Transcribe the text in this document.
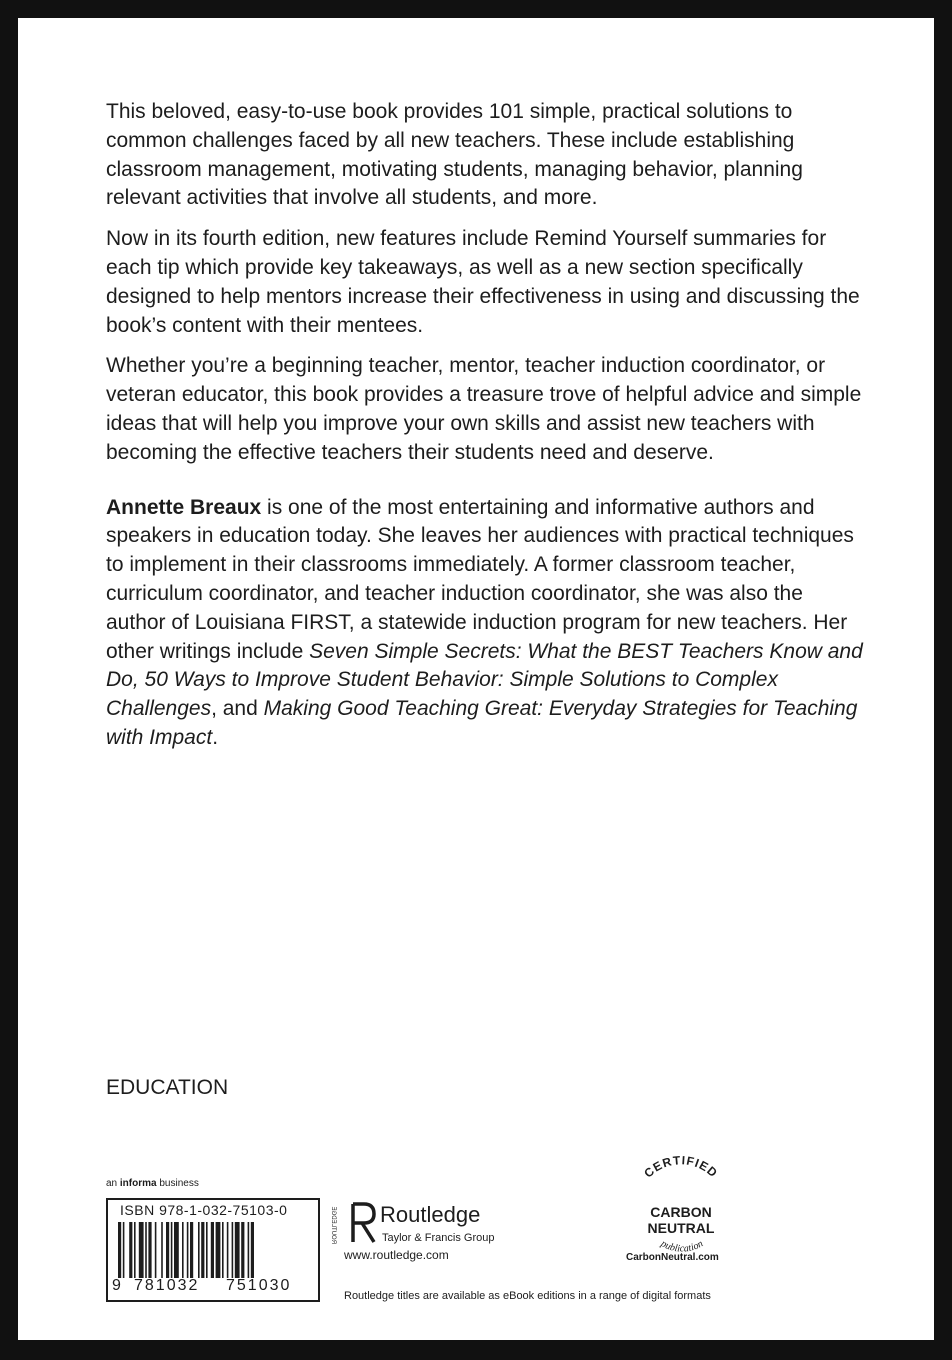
This beloved, easy-to-use book provides 101 simple, practical solutions to common challenges faced by all new teachers. These include establishing classroom management, motivating students, managing behavior, planning relevant activities that involve all students, and more.

Now in its fourth edition, new features include Remind Yourself summaries for each tip which provide key takeaways, as well as a new section specifically designed to help mentors increase their effectiveness in using and discussing the book’s content with their mentees.

Whether you’re a beginning teacher, mentor, teacher induction coordinator, or veteran educator, this book provides a treasure trove of helpful advice and simple ideas that will help you improve your own skills and assist new teachers with becoming the effective teachers their students need and deserve.

Annette Breaux is one of the most entertaining and informative authors and speakers in education today. She leaves her audiences with practical techniques to implement in their classrooms immediately. A former classroom teacher, curriculum coordinator, and teacher induction coordinator, she was also the author of Louisiana FIRST, a statewide induction program for new teachers. Her other writings include Seven Simple Secrets: What the BEST Teachers Know and Do, 50 Ways to Improve Student Behavior: Simple Solutions to Complex Challenges, and Making Good Teaching Great: Everyday Strategies for Teaching with Impact.

EDUCATION
an informa business
ISBN 978-1-032-75103-0
9 781032 751030
ROUTLEDGE Routledge
Taylor & Francis Group
www.routledge.com
CERTIFIED
CARBON
NEUTRAL
publication
CarbonNeutral.com
Routledge titles are available as eBook editions in a range of digital formats
